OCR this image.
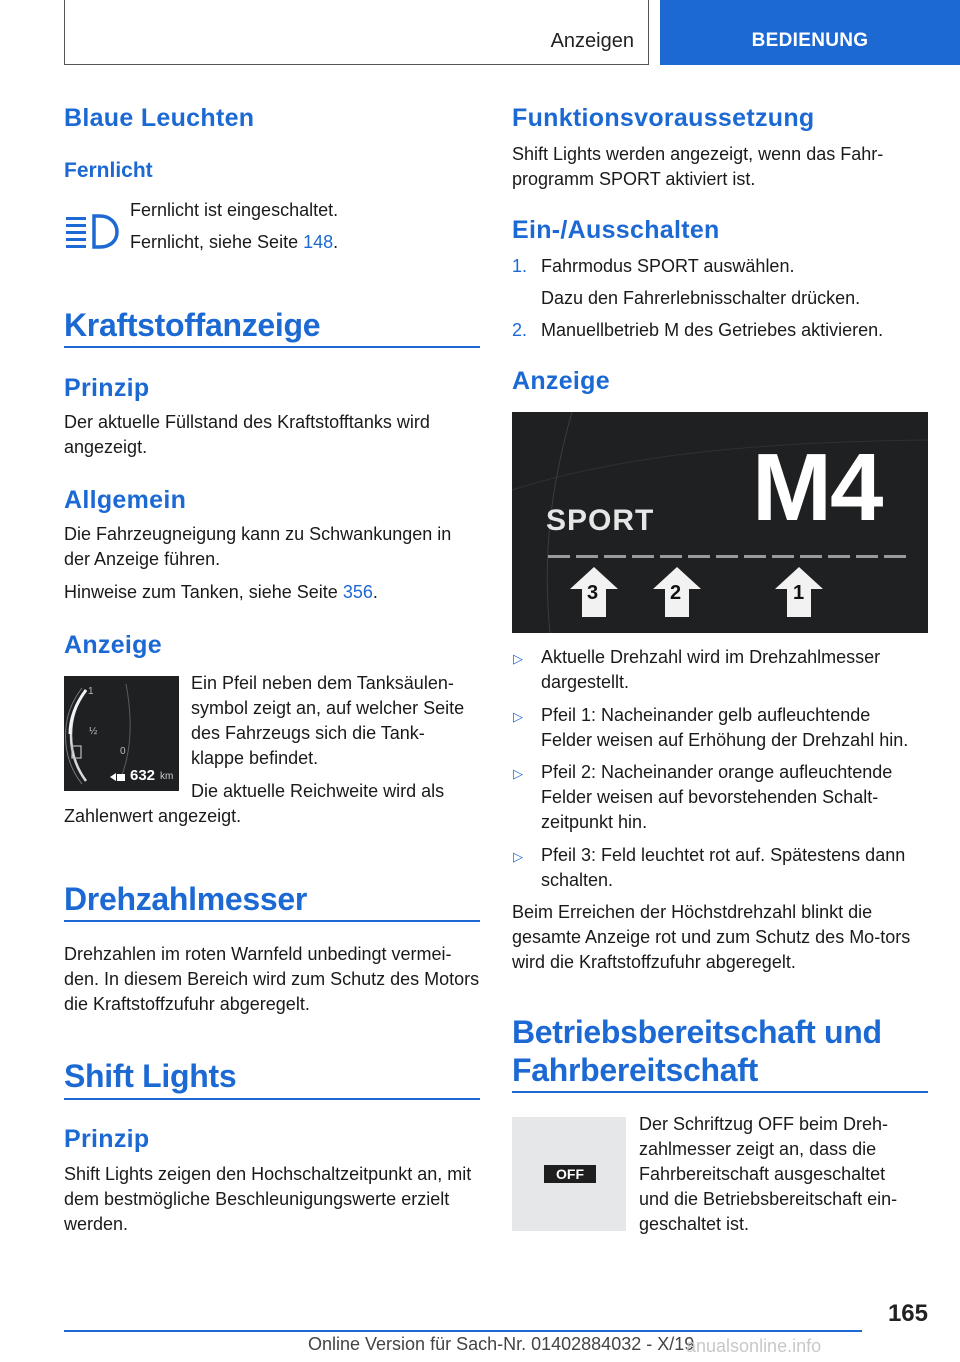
Anzeigen	BEDIENUNG
Blaue Leuchten
Fernlicht
Fernlicht ist eingeschaltet.
Fernlicht, siehe Seite 148.
Kraftstoffanzeige
Prinzip
Der aktuelle Füllstand des Kraftstofftanks wird angezeigt.
Allgemein
Die Fahrzeugneigung kann zu Schwankungen in der Anzeige führen.
Hinweise zum Tanken, siehe Seite 356.
Anzeige
1
½
0
632 km
Ein Pfeil neben dem Tanksäulen-
symbol zeigt an, auf welcher Seite
des Fahrzeugs sich die Tank-
klappe befindet.
Die aktuelle Reichweite wird als
Zahlenwert angezeigt.
Drehzahlmesser
Drehzahlen im roten Warnfeld unbedingt vermei-den. In diesem Bereich wird zum Schutz des Motors die Kraftstoffzufuhr abgeregelt.
Shift Lights
Prinzip
Shift Lights zeigen den Hochschaltzeitpunkt an, mit dem bestmögliche Beschleunigungswerte erzielt werden.
Funktionsvoraussetzung
Shift Lights werden angezeigt, wenn das Fahr-programm SPORT aktiviert ist.
Ein-/Ausschalten
1. Fahrmodus SPORT auswählen.
Dazu den Fahrerlebnisschalter drücken.
2. Manuellbetrieb M des Getriebes aktivieren.
Anzeige
SPORT M4
3	2	1
▷ Aktuelle Drehzahl wird im Drehzahlmesser
dargestellt.
▷ Pfeil 1: Nacheinander gelb aufleuchtende
Felder weisen auf Erhöhung der Drehzahl hin.
▷ Pfeil 2: Nacheinander orange aufleuchtende
Felder weisen auf bevorstehenden Schalt-
zeitpunkt hin.
▷ Pfeil 3: Feld leuchtet rot auf. Spätestens dann
schalten.
Beim Erreichen der Höchstdrehzahl blinkt die gesamte Anzeige rot und zum Schutz des Mo-tors wird die Kraftstoffzufuhr abgeregelt.
Betriebsbereitschaft und
Fahrbereitschaft
OFF
Der Schriftzug OFF beim Dreh-
zahlmesser zeigt an, dass die
Fahrbereitschaft ausgeschaltet
und die Betriebsbereitschaft ein-
geschaltet ist.
165
Online Version für Sach-Nr. 01402884032 - X/19
anualsonline.info
